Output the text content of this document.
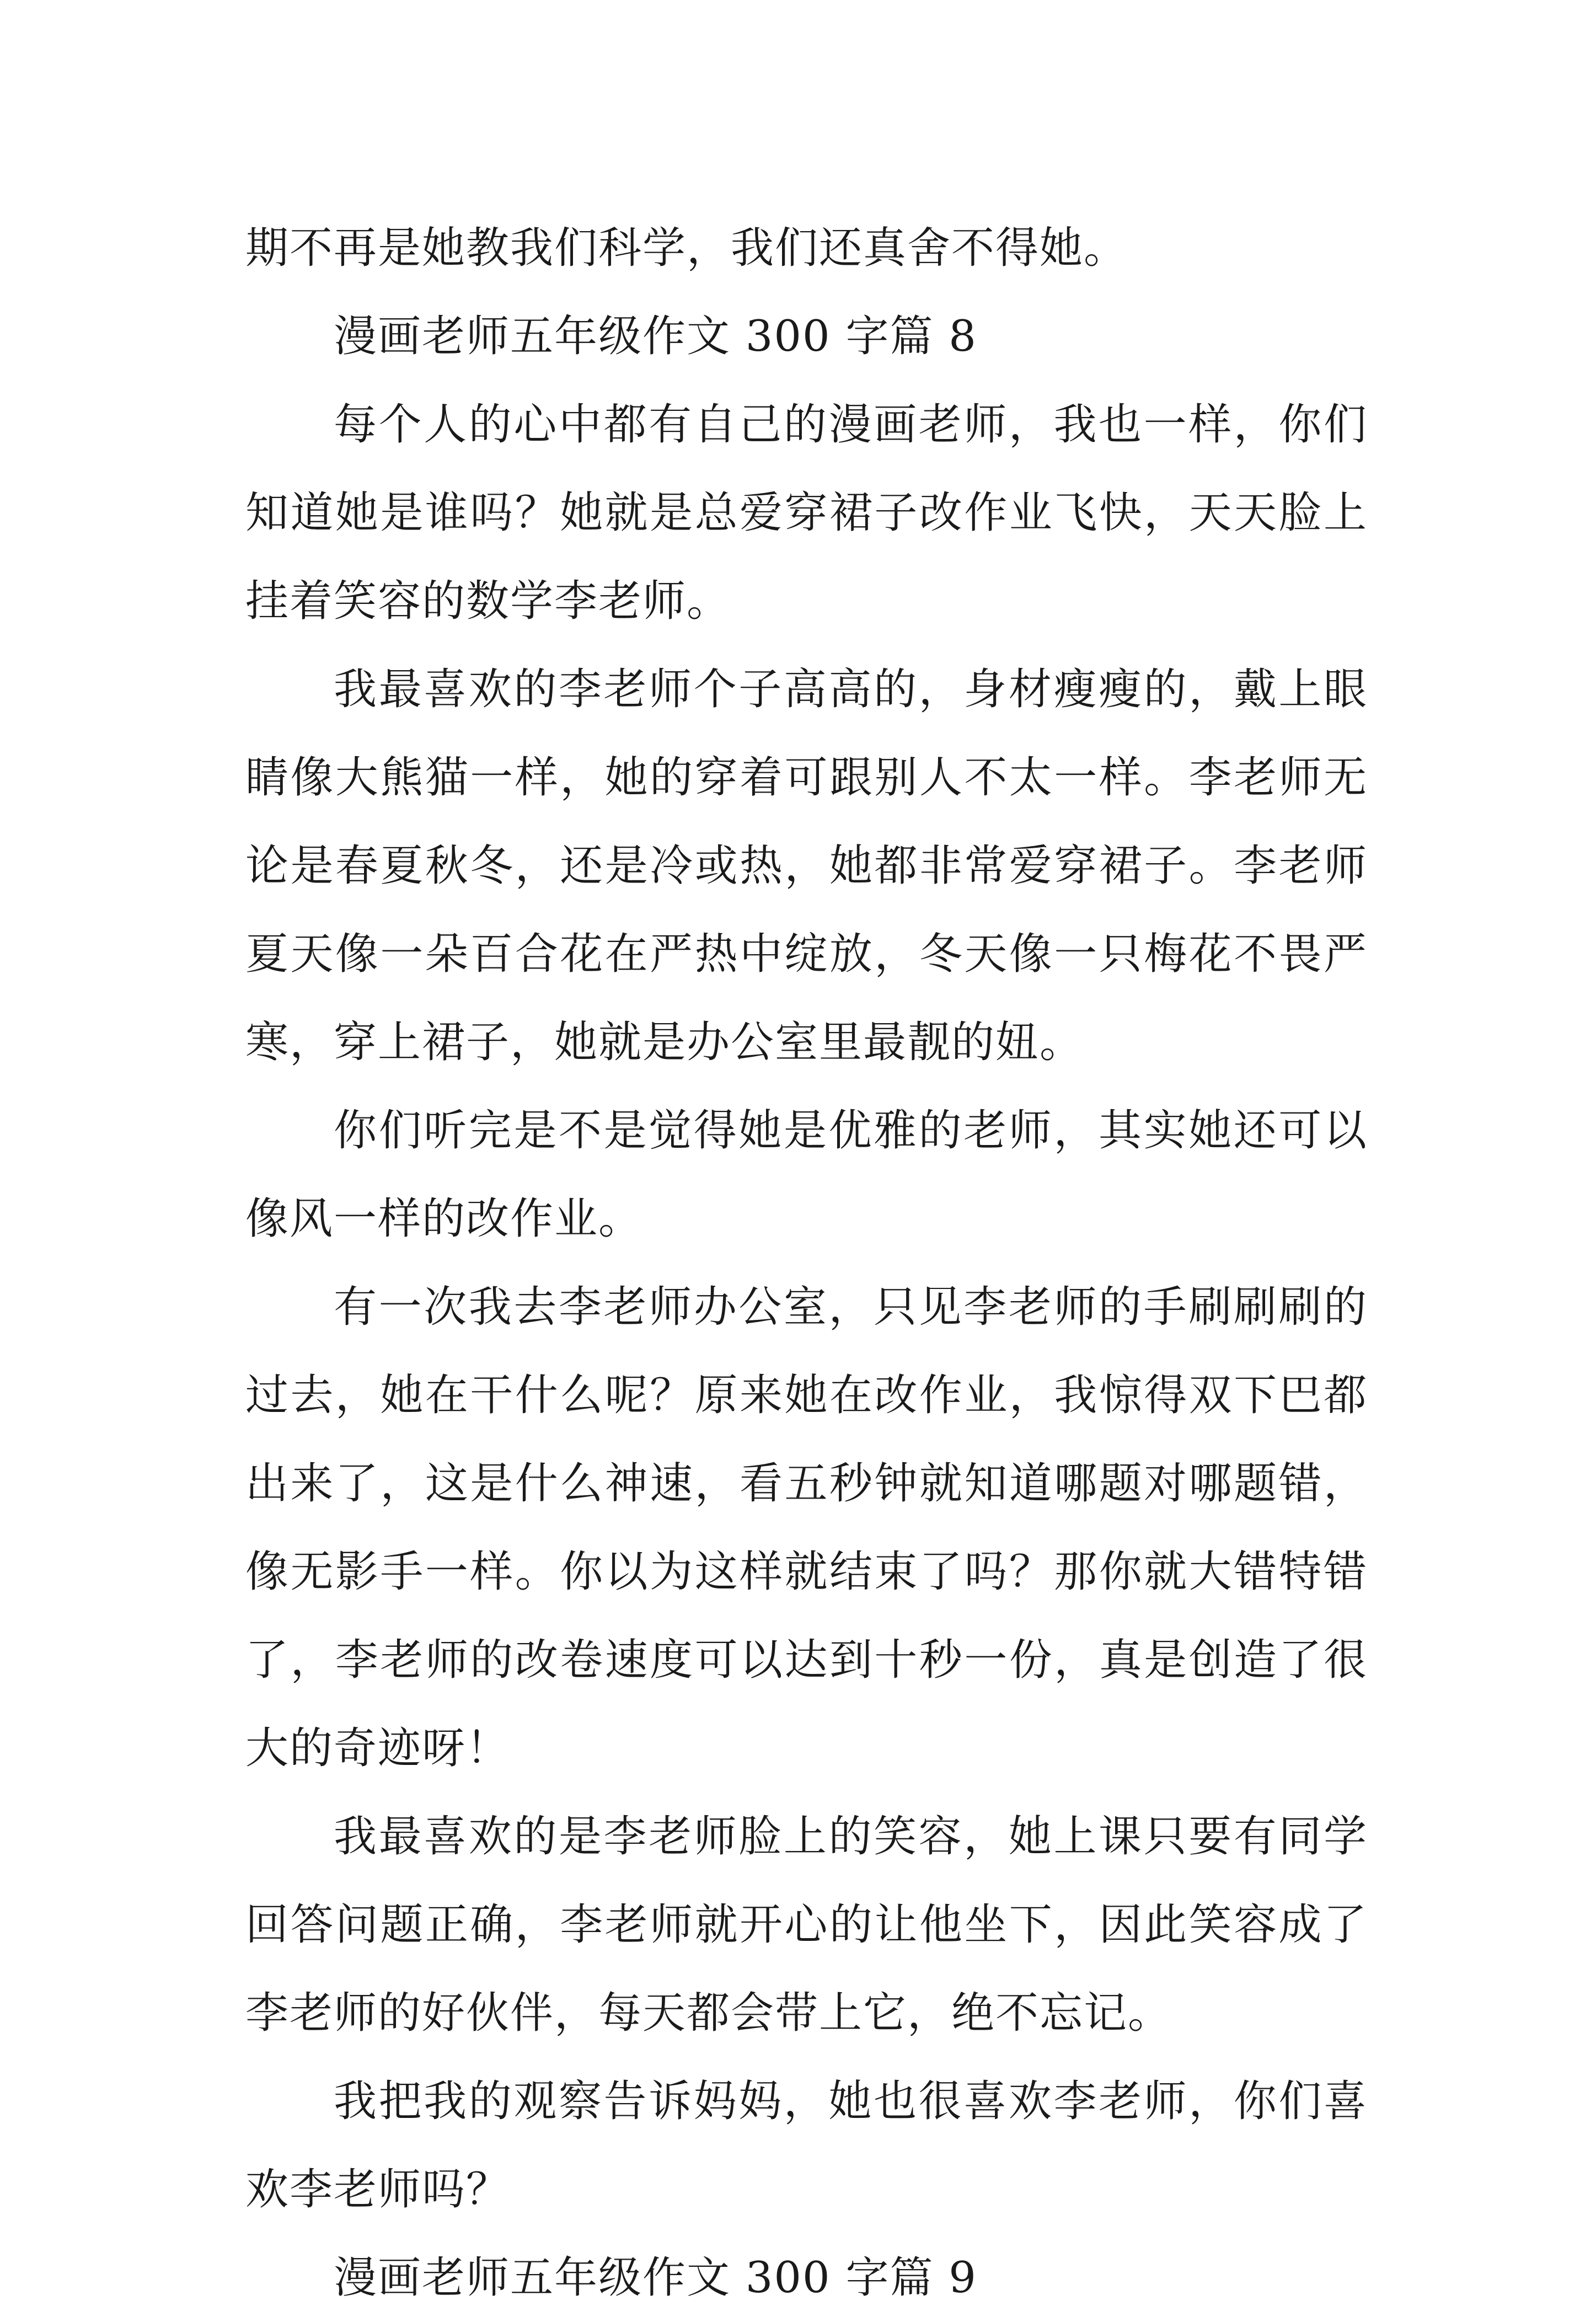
期不再是她教我们科学，我们还真舍不得她。

漫画老师五年级作文 300 字篇 8

每个人的心中都有自己的漫画老师，我也一样，你们知道她是谁吗？她就是总爱穿裙子改作业飞快，天天脸上挂着笑容的数学李老师。

我最喜欢的李老师个子高高的，身材瘦瘦的，戴上眼睛像大熊猫一样，她的穿着可跟别人不太一样。李老师无论是春夏秋冬，还是冷或热，她都非常爱穿裙子。李老师夏天像一朵百合花在严热中绽放，冬天像一只梅花不畏严寒，穿上裙子，她就是办公室里最靓的妞。

你们听完是不是觉得她是优雅的老师，其实她还可以像风一样的改作业。

有一次我去李老师办公室，只见李老师的手刷刷刷的过去，她在干什么呢？原来她在改作业，我惊得双下巴都出来了，这是什么神速，看五秒钟就知道哪题对哪题错，像无影手一样。你以为这样就结束了吗？那你就大错特错了，李老师的改卷速度可以达到十秒一份，真是创造了很大的奇迹呀！

我最喜欢的是李老师脸上的笑容，她上课只要有同学回答问题正确，李老师就开心的让他坐下，因此笑容成了李老师的好伙伴，每天都会带上它，绝不忘记。

我把我的观察告诉妈妈，她也很喜欢李老师，你们喜欢李老师吗？

漫画老师五年级作文 300 字篇 9
